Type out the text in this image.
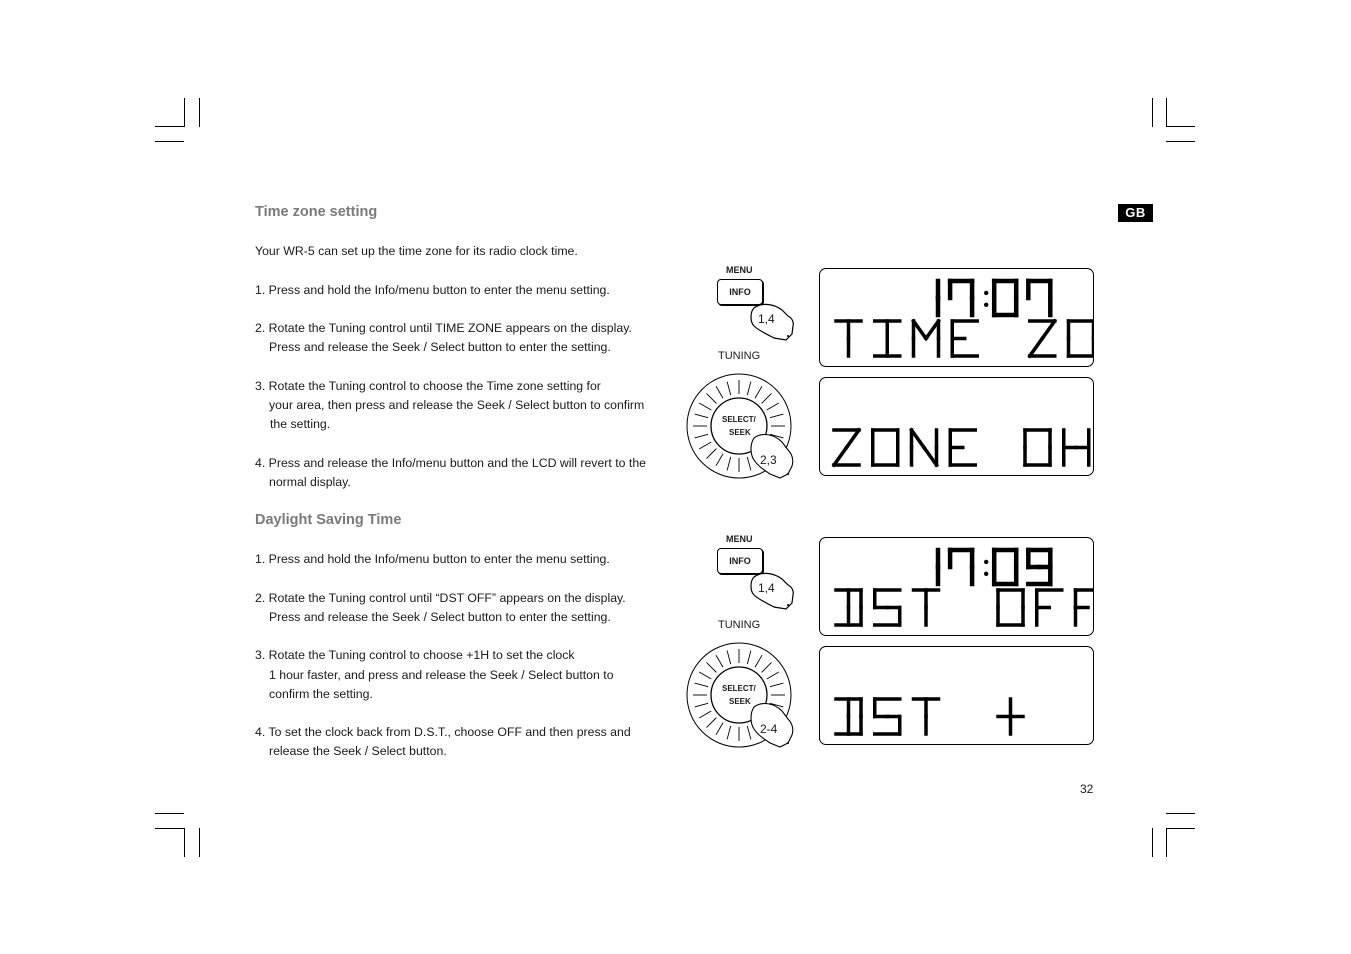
GB
32
Time zone setting
Your WR-5 can set up the time zone for its radio clock time.
1. Press and hold the Info/menu button to enter the menu setting.
2. Rotate the Tuning control until TIME ZONE appears on the display.
Press and release the Seek / Select button to enter the setting.
3. Rotate the Tuning control to choose the Time zone setting for
your area, then press and release the Seek / Select button to confirm
the setting.
4. Press and release the Info/menu button and the LCD will revert to the
normal display.
Daylight Saving Time
1. Press and hold the Info/menu button to enter the menu setting.
2. Rotate the Tuning control until “DST OFF” appears on the display.
Press and release the Seek / Select button to enter the setting.
3. Rotate the Tuning control to choose +1H to set the clock
1 hour faster, and press and release the Seek / Select button to
confirm the setting.
4. To set the clock back from D.S.T., choose OFF and then press and
release the Seek / Select button.
MENU
INFO
1,4
TUNING
SELECT/
SEEK
2,3
MENU
INFO
1,4
TUNING
SELECT/
SEEK
2-4
